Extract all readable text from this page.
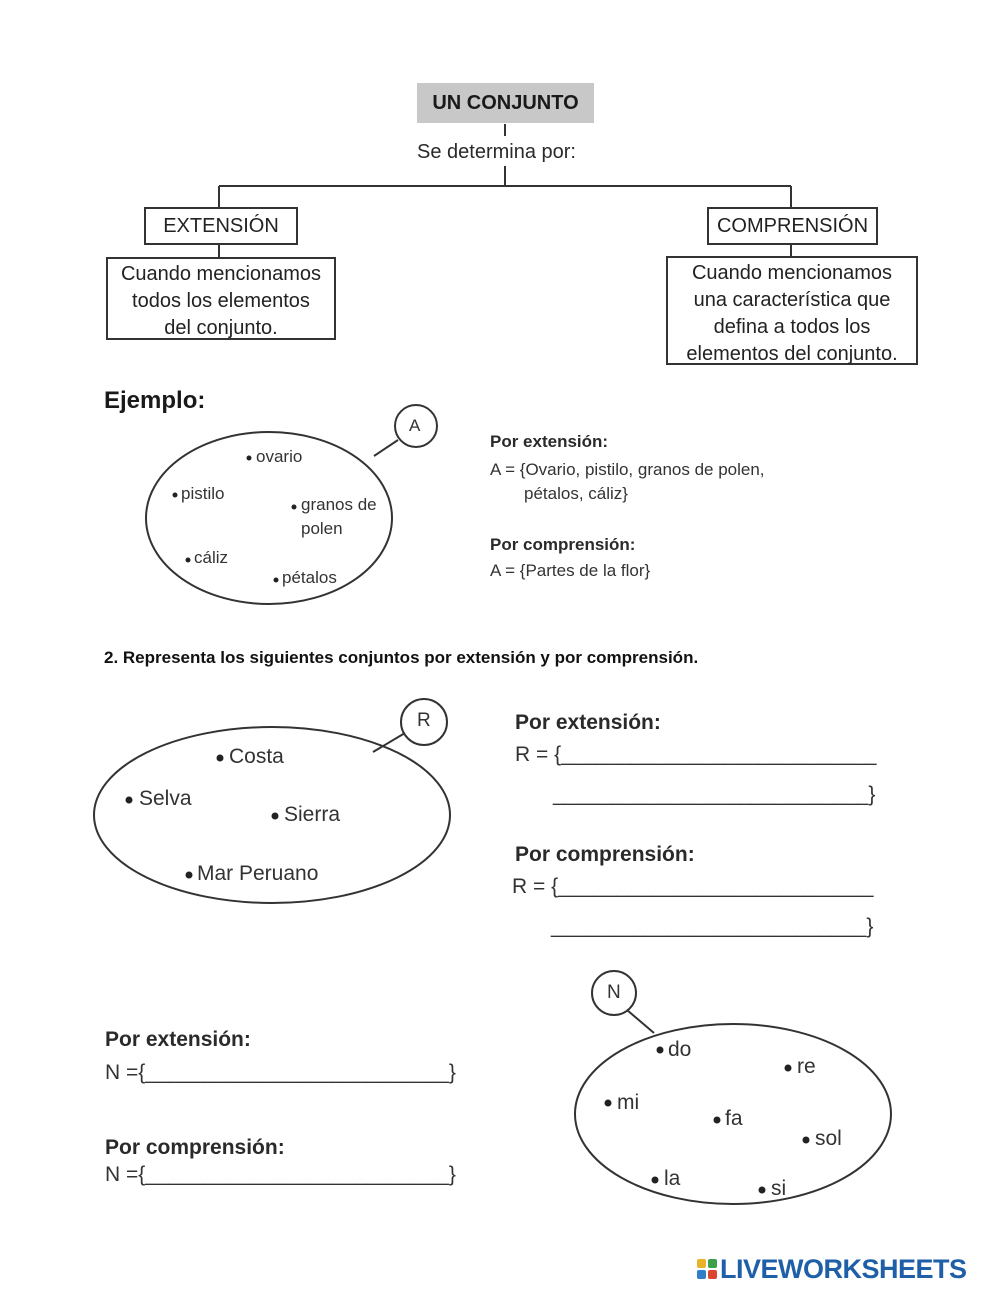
UN CONJUNTO
Se determina por:
EXTENSIÓN	COMPRENSIÓN
Cuando mencionamos
todos los elementos
del conjunto.
Cuando mencionamos
una característica que
defina a todos los
elementos del conjunto.
Ejemplo:
A
ovario
pistilo
granos de
polen
cáliz
pétalos
Por extensión:
A = {Ovario, pistilo, granos de polen,
pétalos, cáliz}
Por comprensión:
A = {Partes de la flor}
2. Representa los siguientes conjuntos por extensión y por comprensión.
R
Costa
Selva
Sierra
Mar Peruano
Por extensión:
R = {___________________________
___________________________}
Por comprensión:
R = {___________________________
___________________________}
Por extensión:
N ={__________________________}
Por comprensión:
N ={__________________________}
N
do
re
mi
fa
sol
la	si
LIVEWORKSHEETS
